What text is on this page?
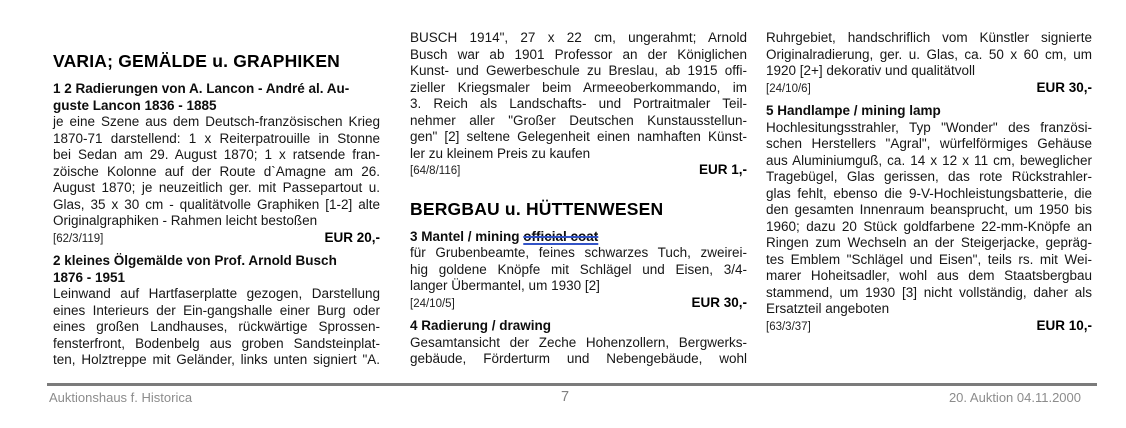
VARIA; GEMÄLDE u. GRAPHIKEN
1 2 Radierungen von A. Lancon - André al. Au-
guste Lancon 1836 - 1885
je eine Szene aus dem Deutsch-französischen Krieg
1870-71 darstellend: 1 x Reiterpatrouille in Stonne
bei Sedan am 29. August 1870; 1 x ratsende fran-
zöische Kolonne auf der Route d`Amagne am 26.
August 1870; je neuzeitlich ger. mit Passepartout u.
Glas, 35 x 30 cm - qualitätvolle Graphiken [1-2] alte
Originalgraphiken - Rahmen leicht bestoßen
[62/3/119]	EUR 20,-
2 kleines Ölgemälde von Prof. Arnold Busch
1876 - 1951
Leinwand auf Hartfaserplatte gezogen, Darstellung
eines Interieurs der Ein-gangshalle einer Burg oder
eines großen Landhauses, rückwärtige Sprossen-
fensterfront, Bodenbelg aus groben Sandsteinplat-
ten, Holztreppe mit Geländer, links unten signiert "A.
BUSCH 1914", 27 x 22 cm, ungerahmt; Arnold
Busch war ab 1901 Professor an der Königlichen
Kunst- und Gewerbeschule zu Breslau, ab 1915 offi-
zieller Kriegsmaler beim Armeeoberkommando, im
3. Reich als Landschafts- und Portraitmaler Teil-
nehmer aller "Großer Deutschen Kunstausstellun-
gen" [2] seltene Gelegenheit einen namhaften Künst-
ler zu kleinem Preis zu kaufen
[64/8/116]	EUR 1,-
BERGBAU u. HÜTTENWESEN
3 Mantel / mining official coat
für Grubenbeamte, feines schwarzes Tuch, zweirei-
hig goldene Knöpfe mit Schlägel und Eisen, 3/4-
langer Übermantel, um 1930 [2]
[24/10/5]	EUR 30,-
4 Radierung / drawing
Gesamtansicht der Zeche Hohenzollern, Bergwerks-
gebäude, Förderturm und Nebengebäude, wohl
Ruhrgebiet, handschriflich vom Künstler signierte
Originalradierung, ger. u. Glas, ca. 50 x 60 cm, um
1920 [2+] dekorativ und qualitätvoll
[24/10/6]	EUR 30,-
5 Handlampe / mining lamp
Hochlesitungsstrahler, Typ "Wonder" des französi-
schen Herstellers "Agral", würfelförmiges Gehäuse
aus Aluminiumguß, ca. 14 x 12 x 11 cm, beweglicher
Tragebügel, Glas gerissen, das rote Rückstrahler-
glas fehlt, ebenso die 9-V-Hochleistungsbatterie, die
den gesamten Innenraum beansprucht, um 1950 bis
1960; dazu 20 Stück goldfarbene 22-mm-Knöpfe an
Ringen zum Wechseln an der Steigerjacke, gepräg-
tes Emblem "Schlägel und Eisen", teils rs. mit Wei-
marer Hoheitsadler, wohl aus dem Staatsbergbau
stammend, um 1930 [3] nicht vollständig, daher als
Ersatzteil angeboten
[63/3/37]	EUR 10,-
Auktionshaus f. Historica	7	20. Auktion 04.11.2000
